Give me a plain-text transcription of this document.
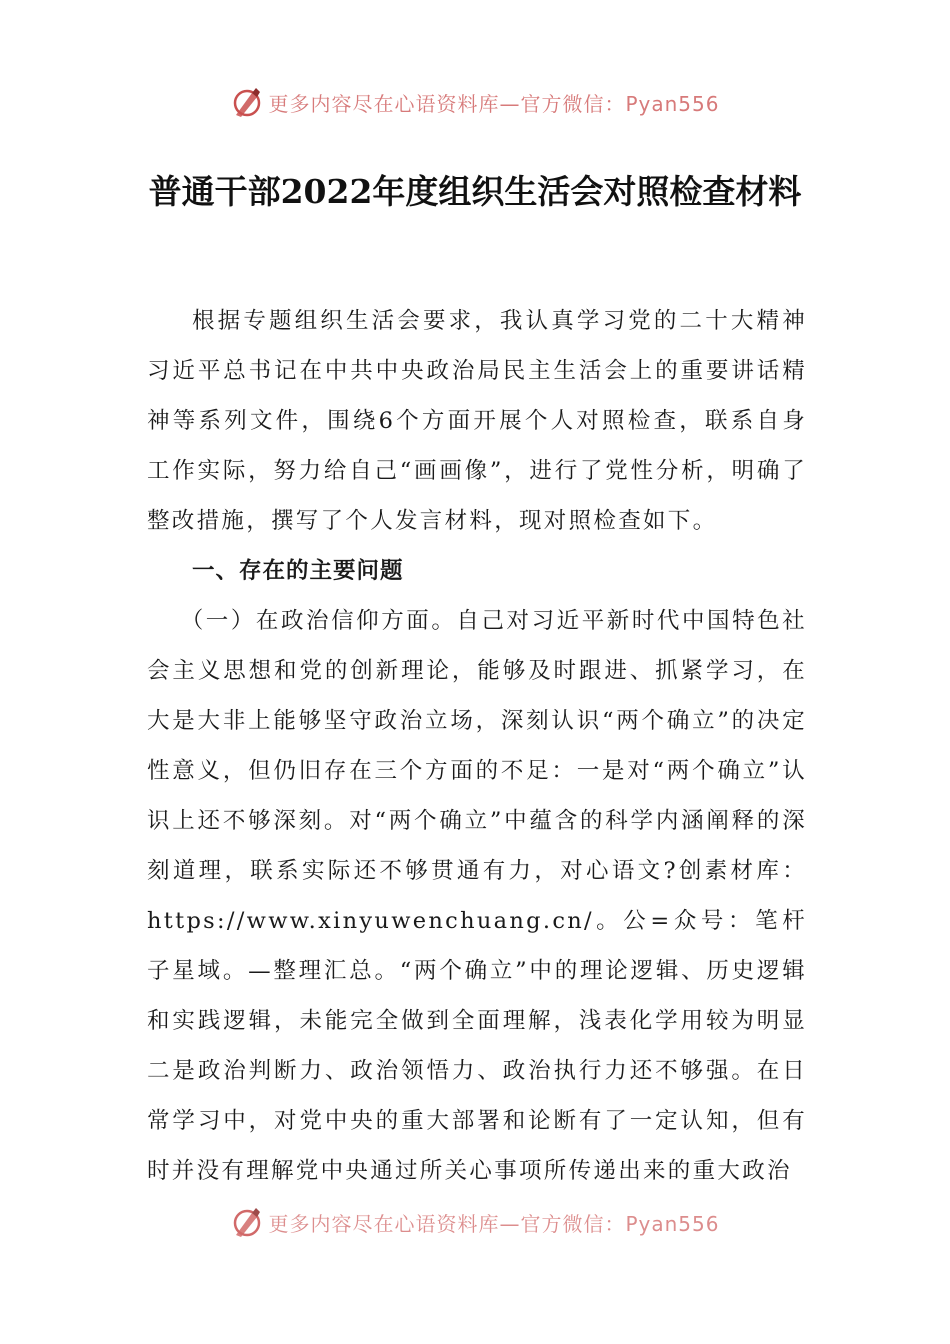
更多内容尽在心语资料库—官方微信：Pyan556
普通干部2022年度组织生活会对照检查材料

根据专题组织生活会要求，我认真学习党的二十大精神习近平总书记在中共中央政治局民主生活会上的重要讲话精神等系列文件，围绕6个方面开展个人对照检查，联系自身工作实际，努力给自己“画画像”，进行了党性分析，明确了整改措施，撰写了个人发言材料，现对照检查如下。

一、存在的主要问题

（一）在政治信仰方面。自己对习近平新时代中国特色社会主义思想和党的创新理论，能够及时跟进、抓紧学习，在大是大非上能够坚守政治立场，深刻认识“两个确立”的决定性意义，但仍旧存在三个方面的不足：一是对“两个确立”认识上还不够深刻。对“两个确立”中蕴含的科学内涵阐释的深刻道理，联系实际还不够贯通有力，对心语文?创素材库：https://www.xinyuwenchuang.cn/。公=众号：笔杆子星域。—整理汇总。“两个确立”中的理论逻辑、历史逻辑和实践逻辑，未能完全做到全面理解，浅表化学用较为明显二是政治判断力、政治领悟力、政治执行力还不够强。在日常学习中，对党中央的重大部署和论断有了一定认知，但有时并没有理解党中央通过所关心事项所传递出来的重大政治

更多内容尽在心语资料库—官方微信：Pyan556
